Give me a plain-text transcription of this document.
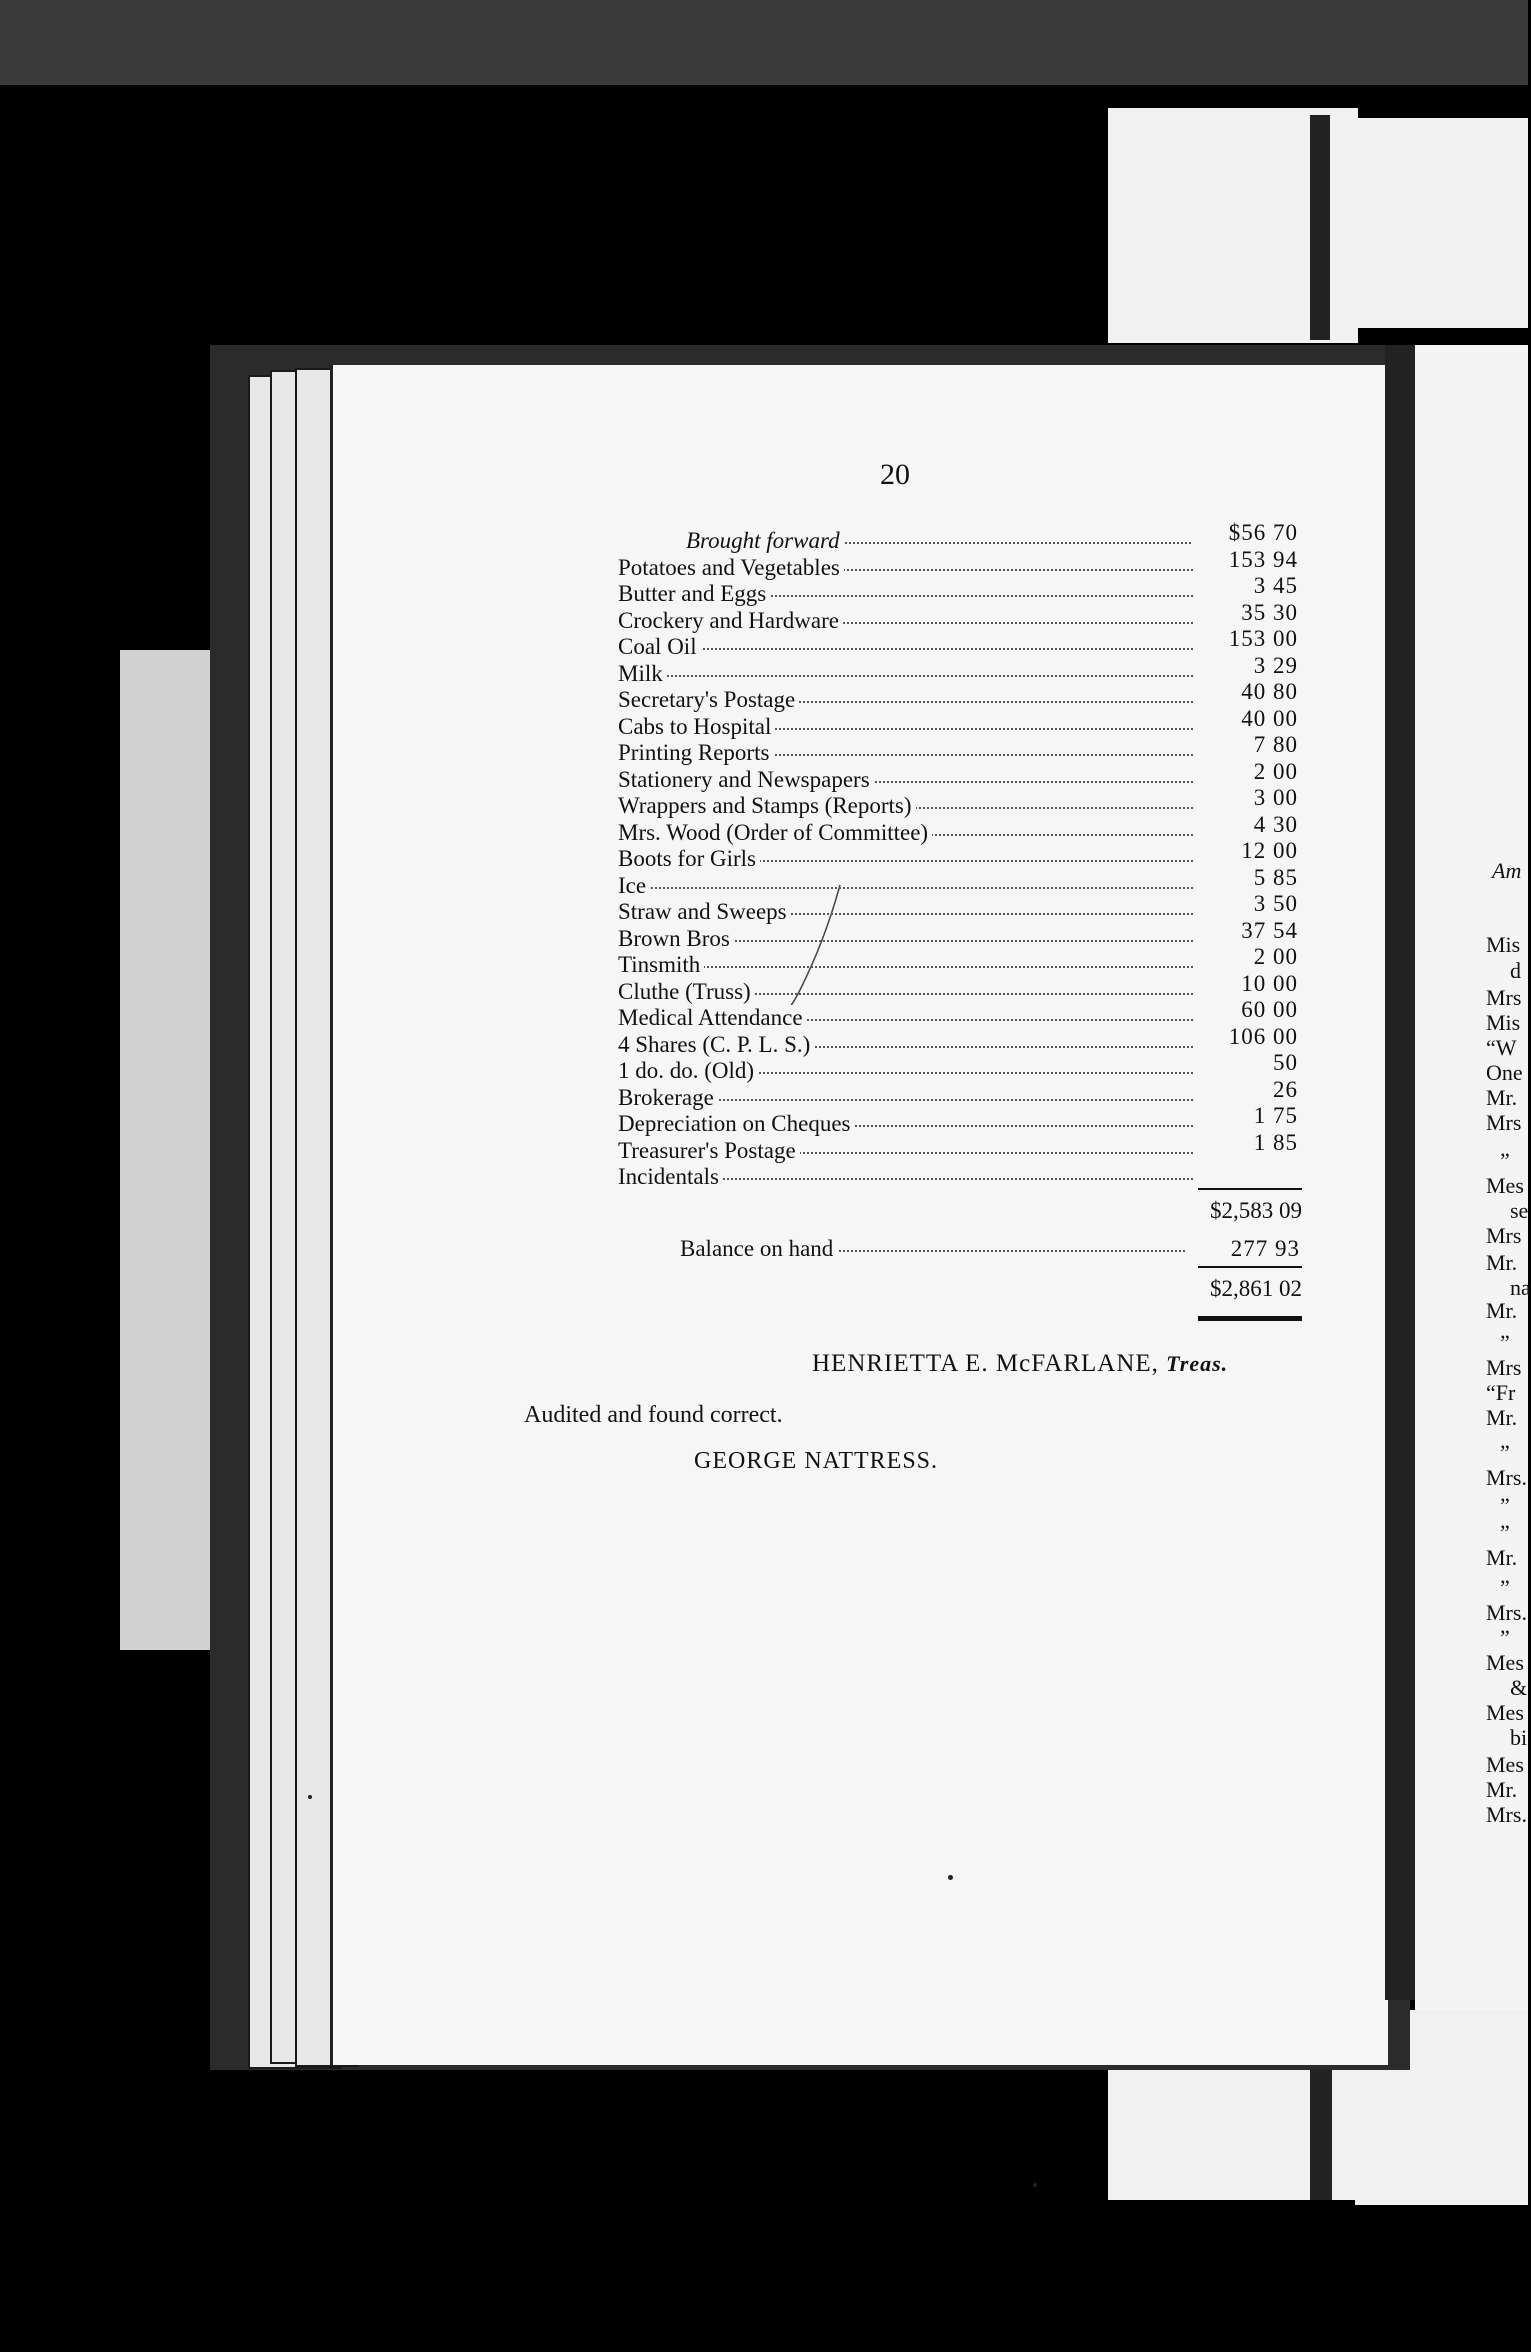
20
Brought forward	$56 70
Potatoes and Vegetables	153 94
Butter and Eggs	3 45
Crockery and Hardware	35 30
Coal Oil	153 00
Milk	3 29
Secretary's Postage	40 80
Cabs to Hospital	40 00
Printing Reports	7 80
Stationery and Newspapers	2 00
Wrappers and Stamps (Reports)	3 00
Mrs. Wood (Order of Committee)	4 30
Boots for Girls	12 00
Ice	5 85
Straw and Sweeps	3 50
Brown Bros	37 54
Tinsmith	2 00
Cluthe (Truss)	10 00
Medical Attendance	60 00
4 Shares (C. P. L. S.)	106 00
1 do. do. (Old)	50
Brokerage	26
Depreciation on Cheques	1 75
Treasurer's Postage	1 85
Incidentals
$2,583 09
Balance on hand	277 93
$2,861 02
HENRIETTA E. McFARLANE, Treas.
Audited and found correct.
GEORGE NATTRESS.
Am
Mis
d
Mrs
Mis
“W
One
Mr.
Mrs
”
Mes
se
Mrs
Mr.
na
Mr.
”
Mrs
“Fr
Mr.
”
Mrs.
”
”
Mr.
”
Mrs.
”
Mes
&
Mes
bi
Mes
Mr.
Mrs.
